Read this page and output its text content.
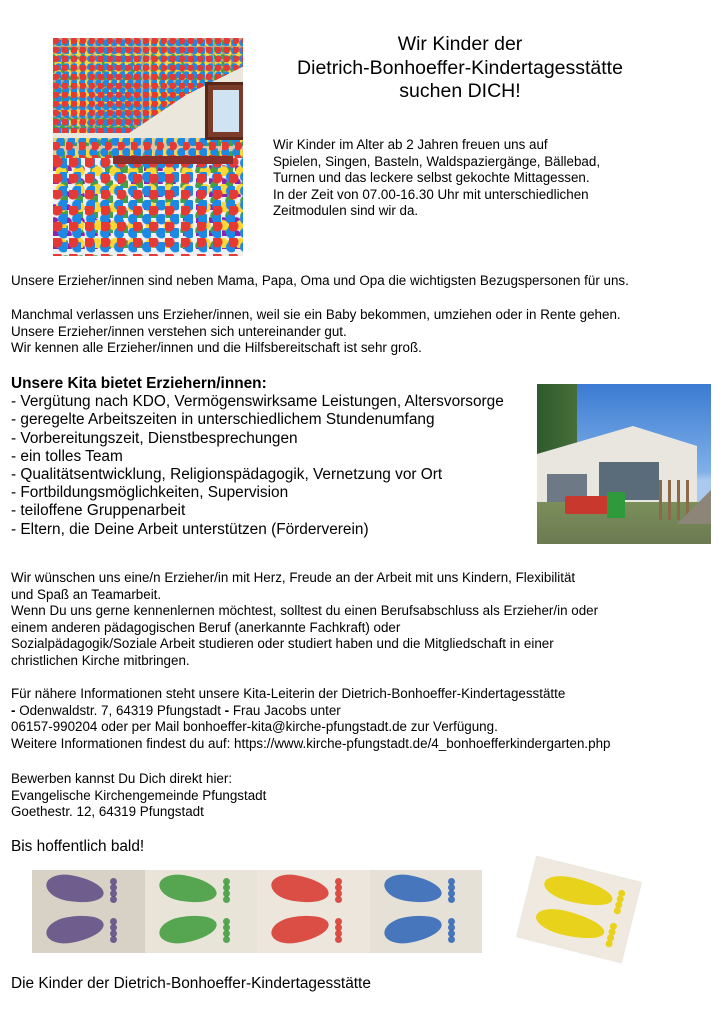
Wir Kinder der
Dietrich-Bonhoeffer-Kindertagesstätte
suchen DICH!
Wir Kinder im Alter ab 2 Jahren freuen uns auf
Spielen, Singen, Basteln, Waldspaziergänge, Bällebad,
Turnen und das leckere selbst gekochte Mittagessen.
In der Zeit von 07.00-16.30 Uhr mit unterschiedlichen
Zeitmodulen sind wir da.
Unsere Erzieher/innen sind neben Mama, Papa, Oma und Opa die wichtigsten Bezugspersonen für uns.
Manchmal verlassen uns Erzieher/innen, weil sie ein Baby bekommen, umziehen oder in Rente gehen.
Unsere Erzieher/innen verstehen sich untereinander gut.
Wir kennen alle Erzieher/innen und die Hilfsbereitschaft ist sehr groß.
Unsere Kita bietet Erziehern/innen:
- Vergütung nach KDO, Vermögenswirksame Leistungen, Altersvorsorge
- geregelte Arbeitszeiten in unterschiedlichem Stundenumfang
- Vorbereitungszeit, Dienstbesprechungen
- ein tolles Team
- Qualitätsentwicklung, Religionspädagogik, Vernetzung vor Ort
- Fortbildungsmöglichkeiten, Supervision
- teiloffene Gruppenarbeit
- Eltern, die Deine Arbeit unterstützen (Förderverein)
Wir wünschen uns eine/n Erzieher/in mit Herz, Freude an der Arbeit mit uns Kindern, Flexibilität
und Spaß an Teamarbeit.
Wenn Du uns gerne kennenlernen möchtest, solltest du einen Berufsabschluss als Erzieher/in oder
einem anderen pädagogischen Beruf (anerkannte Fachkraft) oder
Sozialpädagogik/Soziale Arbeit studieren oder studiert haben und die Mitgliedschaft in einer
christlichen Kirche mitbringen.
Für nähere Informationen steht unsere Kita-Leiterin der Dietrich-Bonhoeffer-Kindertagesstätte
- Odenwaldstr. 7, 64319 Pfungstadt - Frau Jacobs unter
06157-990204 oder per Mail bonhoeffer-kita@kirche-pfungstadt.de zur Verfügung.
Weitere Informationen findest du auf: https://www.kirche-pfungstadt.de/4_bonhoefferkindergarten.php
Bewerben kannst Du Dich direkt hier:
Evangelische Kirchengemeinde Pfungstadt
Goethestr. 12, 64319 Pfungstadt
Bis hoffentlich bald!
Die Kinder der Dietrich-Bonhoeffer-Kindertagesstätte
